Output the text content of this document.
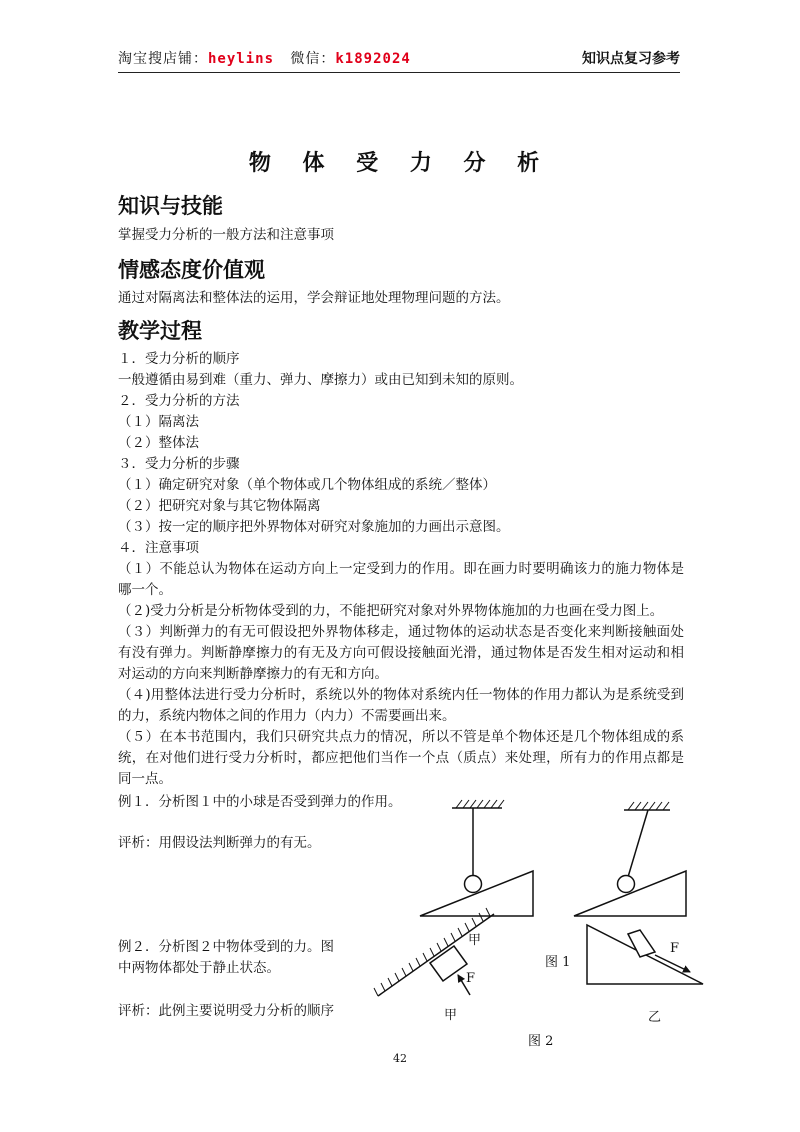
淘宝搜店铺：heylins 微信：k1892024	知识点复习参考
物 体 受 力 分 析
知识与技能
掌握受力分析的一般方法和注意事项
情感态度价值观
通过对隔离法和整体法的运用，学会辩证地处理物理问题的方法。
教学过程
１．受力分析的顺序
一般遵循由易到难（重力、弹力、摩擦力）或由已知到未知的原则。
２．受力分析的方法
（１）隔离法
（２）整体法
３．受力分析的步骤
（１）确定研究对象（单个物体或几个物体组成的系统／整体）
（２）把研究对象与其它物体隔离
（３）按一定的顺序把外界物体对研究对象施加的力画出示意图。
４．注意事项
（１）不能总认为物体在运动方向上一定受到力的作用。即在画力时要明确该力的施力物体是哪一个。
（２)受力分析是分析物体受到的力，不能把研究对象对外界物体施加的力也画在受力图上。
（３）判断弹力的有无可假设把外界物体移走，通过物体的运动状态是否变化来判断接触面处有没有弹力。判断静摩擦力的有无及方向可假设接触面光滑，通过物体是否发生相对运动和相对运动的方向来判断静摩擦力的有无和方向。
（４)用整体法进行受力分析时，系统以外的物体对系统内任一物体的作用力都认为是系统受到的力，系统内物体之间的作用力（内力）不需要画出来。
（５）在本书范围内，我们只研究共点力的情况，所以不管是单个物体还是几个物体组成的系统，在对他们进行受力分析时，都应把他们当作一个点（质点）来处理，所有力的作用点都是同一点。
例１．分析图１中的小球是否受到弹力的作用。
评析：用假设法判断弹力的有无。
例２．分析图２中物体受到的力。图
中两物体都处于静止状态。
评析：此例主要说明受力分析的顺序
甲
F
F
图 1
甲	乙
图 2
42
